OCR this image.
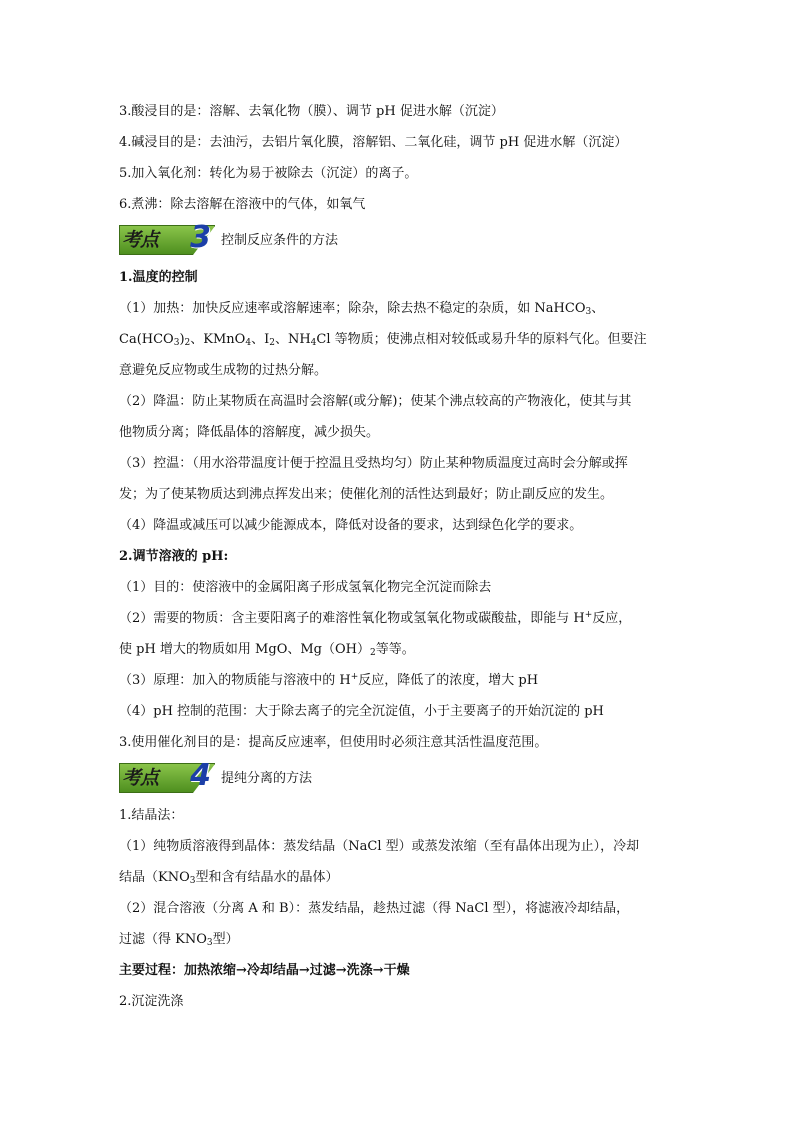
3.酸浸目的是：溶解、去氧化物（膜）、调节 pH 促进水解（沉淀）
4.碱浸目的是：去油污，去铝片氧化膜，溶解铝、二氧化硅，调节 pH 促进水解（沉淀）
5.加入氧化剂：转化为易于被除去（沉淀）的离子。
6.煮沸：除去溶解在溶液中的气体，如氧气
考点 3 控制反应条件的方法
1.温度的控制
（1）加热：加快反应速率或溶解速率；除杂，除去热不稳定的杂质，如 NaHCO$_3$、
$Ca(HCO_3)_2$、KMnO$_4$、$I_2$、$NH_4Cl$ 等物质；使沸点相对较低或易升华的原料气化。但要注
意避免反应物或生成物的过热分解。
（2）降温：防止某物质在高温时会溶解(或分解)；使某个沸点较高的产物液化，使其与其
他物质分离；降低晶体的溶解度，减少损失。
（3）控温：（用水浴带温度计便于控温且受热均匀）防止某种物质温度过高时会分解或挥
发；为了使某物质达到沸点挥发出来；使催化剂的活性达到最好；防止副反应的发生。
（4）降温或减压可以减少能源成本，降低对设备的要求，达到绿色化学的要求。
2.调节溶液的 pH:
（1）目的：使溶液中的金属阳离子形成氢氧化物完全沉淀而除去
（2）需要的物质：含主要阳离子的难溶性氧化物或氢氧化物或碳酸盐，即能与 H+反应，
使 pH 增大的物质如用 MgO、$Mg(OH)_2$等等。
（3）原理：加入的物质能与溶液中的 H+反应，降低了的浓度，增大 pH
（4）pH 控制的范围：大于除去离子的完全沉淀值，小于主要离子的开始沉淀的 pH
3.使用催化剂目的是：提高反应速率，但使用时必须注意其活性温度范围。
考点 4 提纯分离的方法
1.结晶法：
（1）纯物质溶液得到晶体：蒸发结晶（NaCl 型）或蒸发浓缩（至有晶体出现为止），冷却
结晶（$KNO_3$型和含有结晶水的晶体）
（2）混合溶液（分离 A 和 B）：蒸发结晶，趁热过滤（得 NaCl 型），将滤液冷却结晶，
过滤（得 $KNO_3$型）
主要过程：加热浓缩→冷却结晶→过滤→洗涤→干燥
2.沉淀洗涤
